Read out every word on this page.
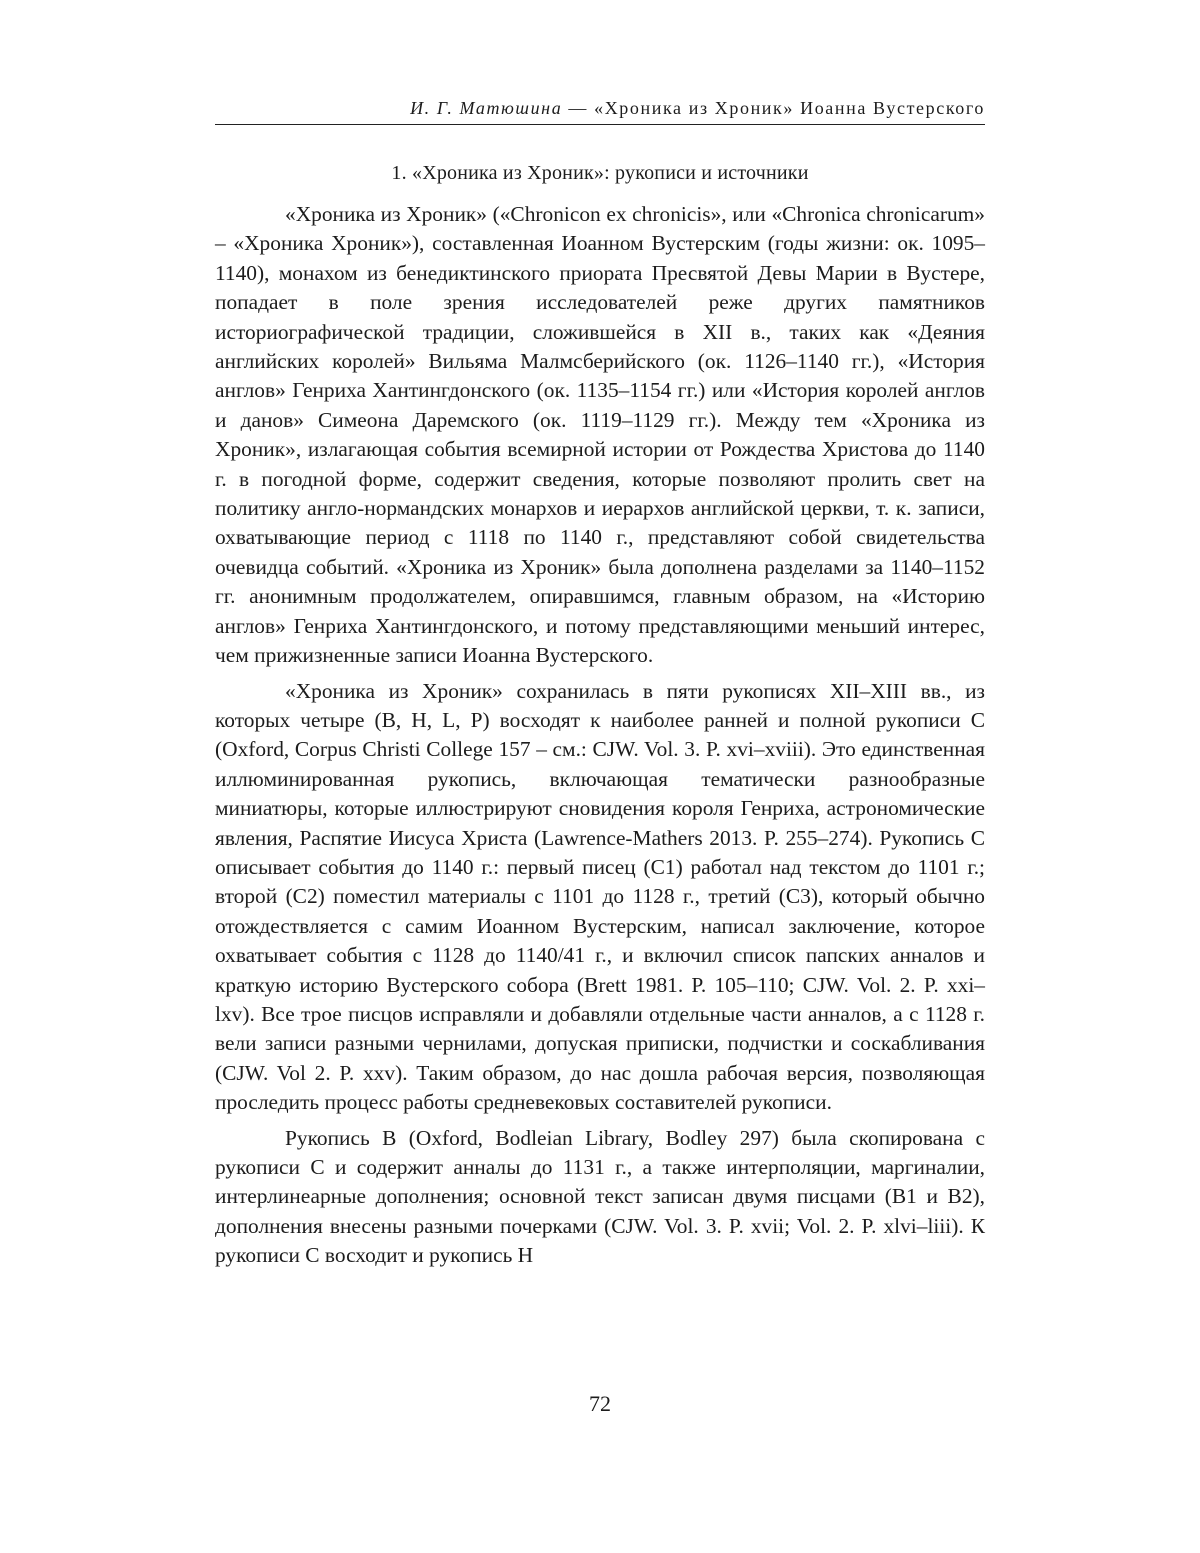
И. Г. Матюшина — «Хроника из Хроник» Иоанна Вустерского
1. «Хроника из Хроник»: рукописи и источники

«Хроника из Хроник» («Chronicon ex chronicis», или «Chronica chronicarum» – «Хроника Хроник»), составленная Иоанном Вустерским (годы жизни: ок. 1095–1140), монахом из бенедиктинского приората Пресвятой Девы Марии в Вустере, попадает в поле зрения исследователей реже других памятников историографической традиции, сложившейся в XII в., таких как «Деяния английских королей» Вильяма Малмсберийского (ок. 1126–1140 гг.), «История англов» Генриха Хантингдонского (ок. 1135–1154 гг.) или «История королей англов и данов» Симеона Даремского (ок. 1119–1129 гг.). Между тем «Хроника из Хроник», излагающая события всемирной истории от Рождества Христова до 1140 г. в погодной форме, содержит сведения, которые позволяют пролить свет на политику англо-нормандских монархов и иерархов английской церкви, т. к. записи, охватывающие период с 1118 по 1140 г., представляют собой свидетельства очевидца событий. «Хроника из Хроник» была дополнена разделами за 1140–1152 гг. анонимным продолжателем, опиравшимся, главным образом, на «Историю англов» Генриха Хантингдонского, и потому представляющими меньший интерес, чем прижизненные записи Иоанна Вустерского.

«Хроника из Хроник» сохранилась в пяти рукописях XII–XIII вв., из которых четыре (B, H, L, P) восходят к наиболее ранней и полной рукописи C (Oxford, Corpus Christi College 157 – см.: CJW. Vol. 3. P. xvi–xviii). Это единственная иллюминированная рукопись, включающая тематически разнообразные миниатюры, которые иллюстрируют сновидения короля Генриха, астрономические явления, Распятие Иисуса Христа (Lawrence-Mathers 2013. P. 255–274). Рукопись C описывает события до 1140 г.: первый писец (C1) работал над текстом до 1101 г.; второй (C2) поместил материалы с 1101 до 1128 г., третий (C3), который обычно отождествляется с самим Иоанном Вустерским, написал заключение, которое охватывает события с 1128 до 1140/41 г., и включил список папских анналов и краткую историю Вустерского собора (Brett 1981. P. 105–110; CJW. Vol. 2. P. xxi–lxv). Все трое писцов исправляли и добавляли отдельные части анналов, а с 1128 г. вели записи разными чернилами, допуская приписки, подчистки и соскабливания (CJW. Vol 2. P. xxv). Таким образом, до нас дошла рабочая версия, позволяющая проследить процесс работы средневековых составителей рукописи.

Рукопись B (Oxford, Bodleian Library, Bodley 297) была скопирована с рукописи C и содержит анналы до 1131 г., а также интерполяции, маргиналии, интерлинеарные дополнения; основной текст записан двумя писцами (B1 и B2), дополнения внесены разными почерками (CJW. Vol. 3. P. xvii; Vol. 2. P. xlvi–liii). К рукописи C восходит и рукопись H

72
